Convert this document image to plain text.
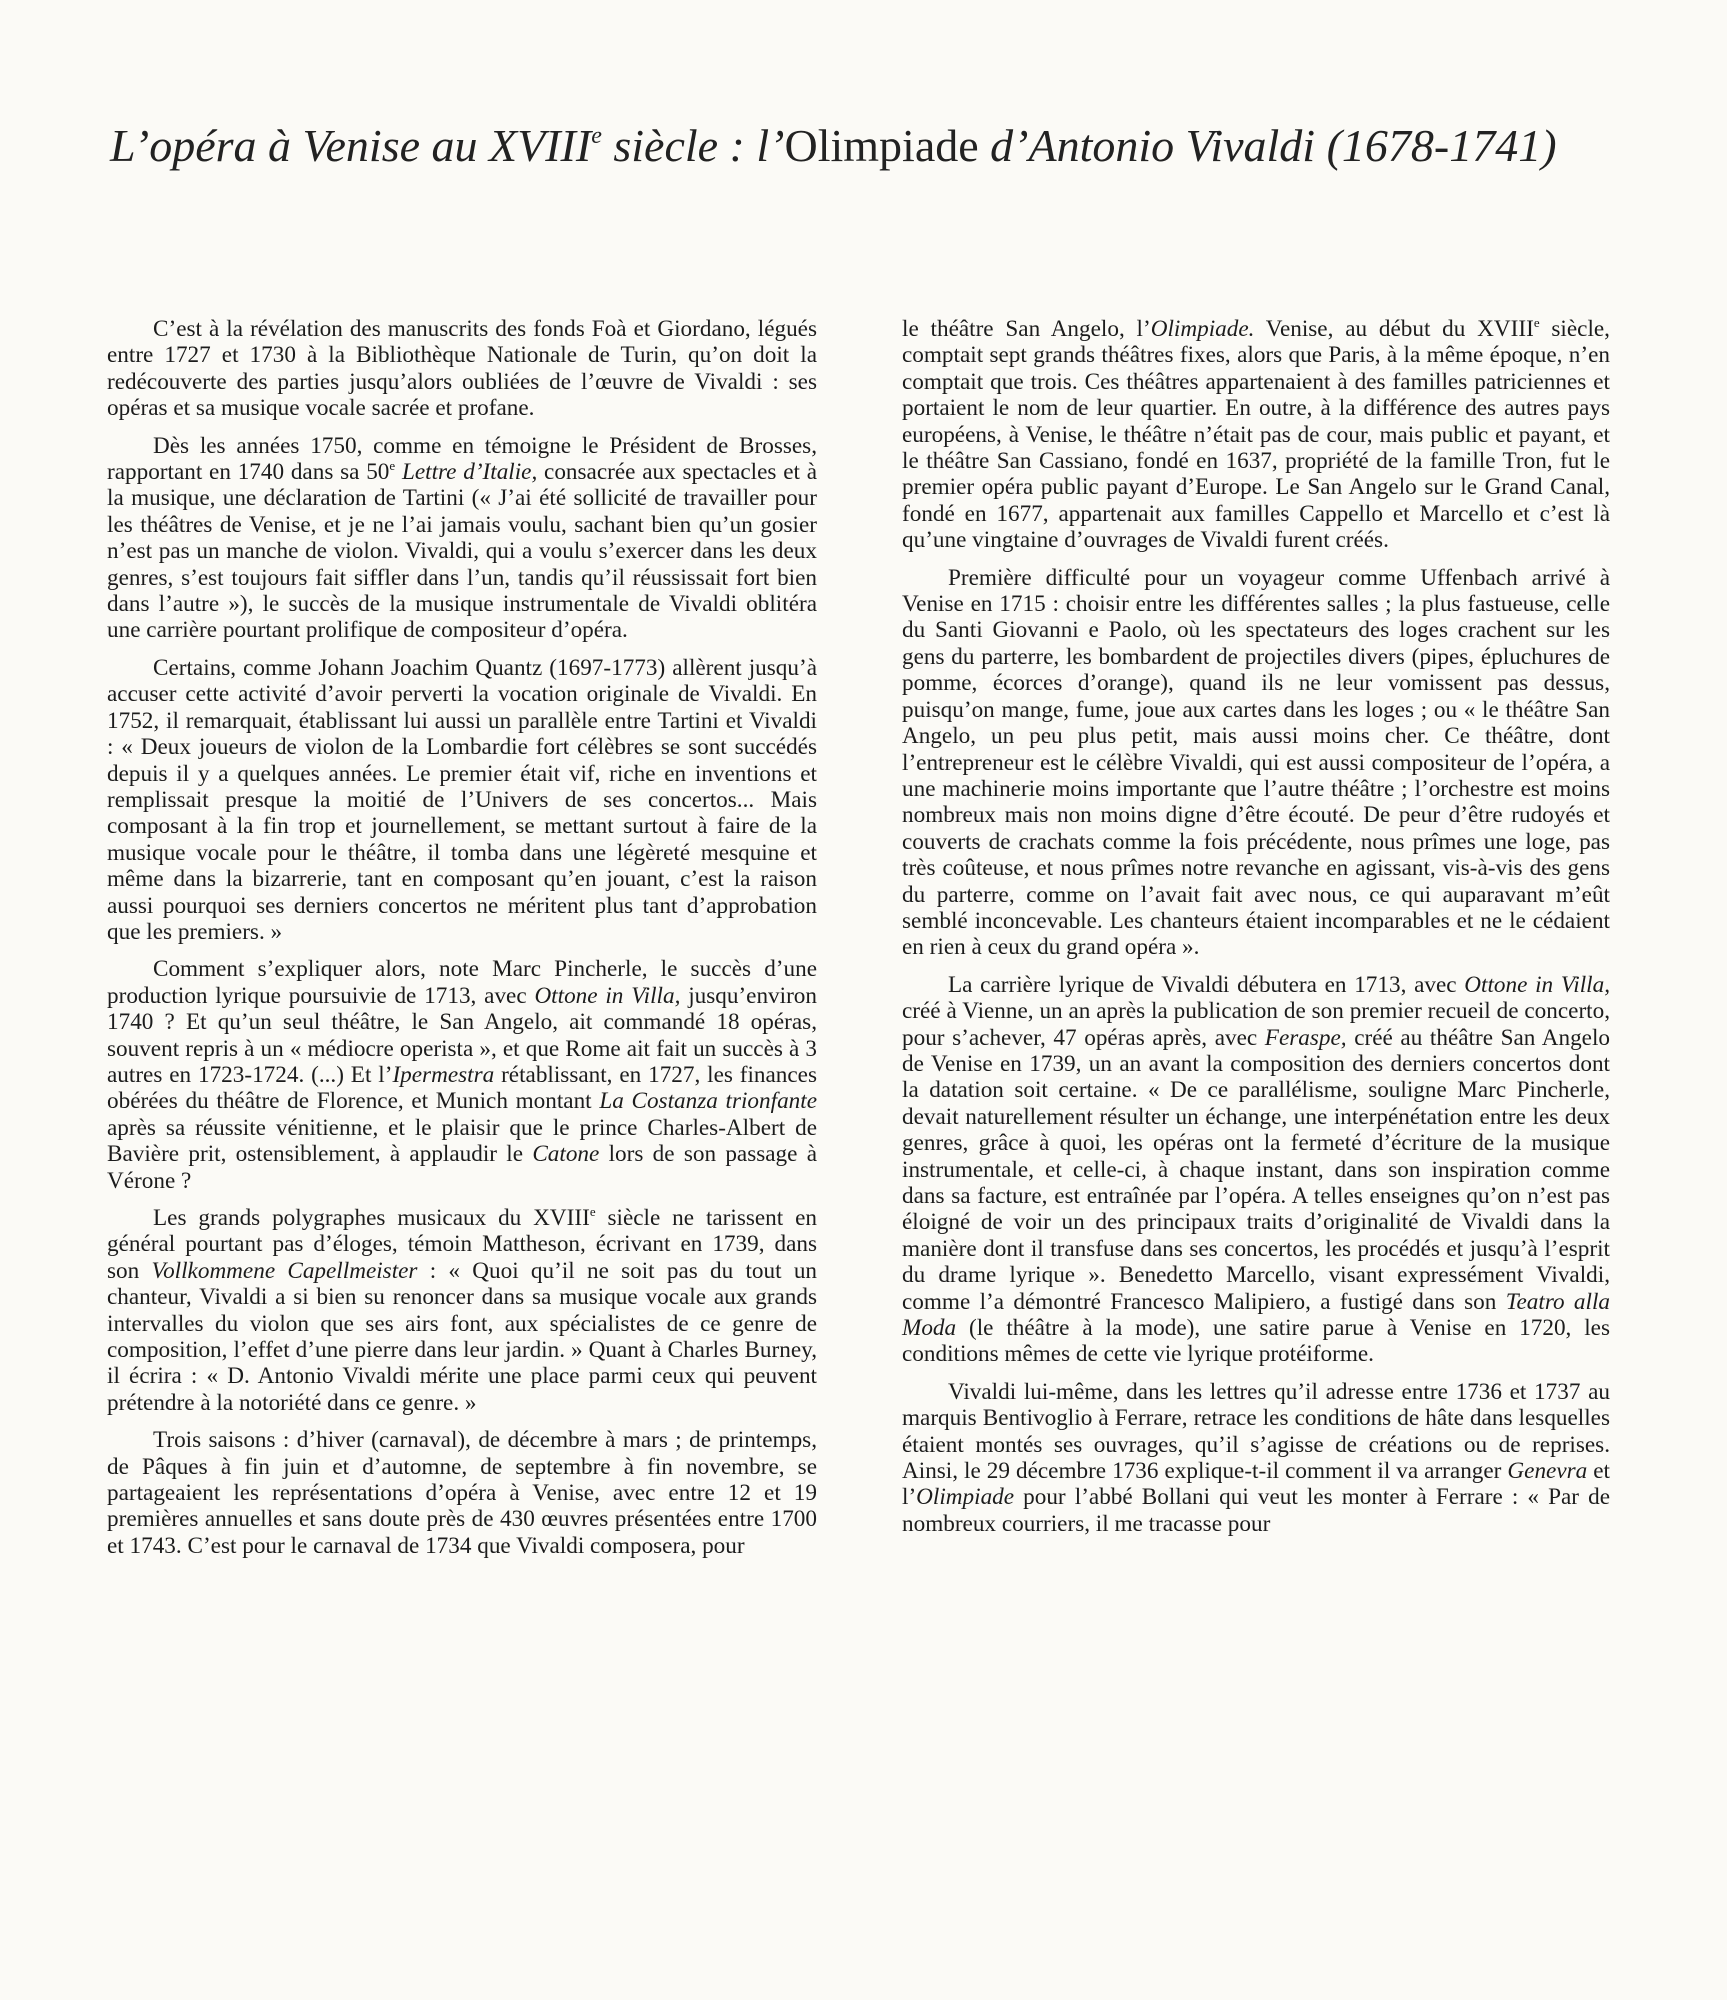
L’opéra à Venise au XVIIIe siècle : l’Olimpiade d’Antonio Vivaldi (1678-1741)

C’est à la révélation des manuscrits des fonds Foà et Giordano, légués entre 1727 et 1730 à la Bibliothèque Nationale de Turin, qu’on doit la redécouverte des parties jusqu’alors oubliées de l’œuvre de Vivaldi : ses opéras et sa musique vocale sacrée et profane.

Dès les années 1750, comme en témoigne le Président de Brosses, rapportant en 1740 dans sa 50e Lettre d’Italie, consacrée aux spectacles et à la musique, une déclaration de Tartini (« J’ai été sollicité de travailler pour les théâtres de Venise, et je ne l’ai jamais voulu, sachant bien qu’un gosier n’est pas un manche de violon. Vivaldi, qui a voulu s’exercer dans les deux genres, s’est toujours fait siffler dans l’un, tandis qu’il réussissait fort bien dans l’autre »), le succès de la musique instrumentale de Vivaldi oblitéra une carrière pourtant prolifique de compositeur d’opéra.

Certains, comme Johann Joachim Quantz (1697-1773) allèrent jusqu’à accuser cette activité d’avoir perverti la vocation originale de Vivaldi. En 1752, il remarquait, établissant lui aussi un parallèle entre Tartini et Vivaldi : « Deux joueurs de violon de la Lombardie fort célèbres se sont succédés depuis il y a quelques années. Le premier était vif, riche en inventions et remplissait presque la moitié de l’Univers de ses concertos... Mais composant à la fin trop et journellement, se mettant surtout à faire de la musique vocale pour le théâtre, il tomba dans une légèreté mesquine et même dans la bizarrerie, tant en composant qu’en jouant, c’est la raison aussi pourquoi ses derniers concertos ne méritent plus tant d’approbation que les premiers. »

Comment s’expliquer alors, note Marc Pincherle, le succès d’une production lyrique poursuivie de 1713, avec Ottone in Villa, jusqu’environ 1740 ? Et qu’un seul théâtre, le San Angelo, ait commandé 18 opéras, souvent repris à un « médiocre operista », et que Rome ait fait un succès à 3 autres en 1723-1724. (...) Et l’Ipermestra rétablissant, en 1727, les finances obérées du théâtre de Florence, et Munich montant La Costanza trionfante après sa réussite vénitienne, et le plaisir que le prince Charles-Albert de Bavière prit, ostensiblement, à applaudir le Catone lors de son passage à Vérone ?

Les grands polygraphes musicaux du XVIIIe siècle ne tarissent en général pourtant pas d’éloges, témoin Mattheson, écrivant en 1739, dans son Vollkommene Capellmeister : « Quoi qu’il ne soit pas du tout un chanteur, Vivaldi a si bien su renoncer dans sa musique vocale aux grands intervalles du violon que ses airs font, aux spécialistes de ce genre de composition, l’effet d’une pierre dans leur jardin. » Quant à Charles Burney, il écrira : « D. Antonio Vivaldi mérite une place parmi ceux qui peuvent prétendre à la notoriété dans ce genre. »

Trois saisons : d’hiver (carnaval), de décembre à mars ; de printemps, de Pâques à fin juin et d’automne, de septembre à fin novembre, se partageaient les représentations d’opéra à Venise, avec entre 12 et 19 premières annuelles et sans doute près de 430 œuvres présentées entre 1700 et 1743. C’est pour le carnaval de 1734 que Vivaldi composera, pour

le théâtre San Angelo, l’Olimpiade. Venise, au début du XVIIIe siècle, comptait sept grands théâtres fixes, alors que Paris, à la même époque, n’en comptait que trois. Ces théâtres appartenaient à des familles patriciennes et portaient le nom de leur quartier. En outre, à la différence des autres pays européens, à Venise, le théâtre n’était pas de cour, mais public et payant, et le théâtre San Cassiano, fondé en 1637, propriété de la famille Tron, fut le premier opéra public payant d’Europe. Le San Angelo sur le Grand Canal, fondé en 1677, appartenait aux familles Cappello et Marcello et c’est là qu’une vingtaine d’ouvrages de Vivaldi furent créés.

Première difficulté pour un voyageur comme Uffenbach arrivé à Venise en 1715 : choisir entre les différentes salles ; la plus fastueuse, celle du Santi Giovanni e Paolo, où les spectateurs des loges crachent sur les gens du parterre, les bombardent de projectiles divers (pipes, épluchures de pomme, écorces d’orange), quand ils ne leur vomissent pas dessus, puisqu’on mange, fume, joue aux cartes dans les loges ; ou « le théâtre San Angelo, un peu plus petit, mais aussi moins cher. Ce théâtre, dont l’entrepreneur est le célèbre Vivaldi, qui est aussi compositeur de l’opéra, a une machinerie moins importante que l’autre théâtre ; l’orchestre est moins nombreux mais non moins digne d’être écouté. De peur d’être rudoyés et couverts de crachats comme la fois précédente, nous prîmes une loge, pas très coûteuse, et nous prîmes notre revanche en agissant, vis-à-vis des gens du parterre, comme on l’avait fait avec nous, ce qui auparavant m’eût semblé inconcevable. Les chanteurs étaient incomparables et ne le cédaient en rien à ceux du grand opéra ».

La carrière lyrique de Vivaldi débutera en 1713, avec Ottone in Villa, créé à Vienne, un an après la publication de son premier recueil de concerto, pour s’achever, 47 opéras après, avec Feraspe, créé au théâtre San Angelo de Venise en 1739, un an avant la composition des derniers concertos dont la datation soit certaine. « De ce parallélisme, souligne Marc Pincherle, devait naturellement résulter un échange, une interpénétation entre les deux genres, grâce à quoi, les opéras ont la fermeté d’écriture de la musique instrumentale, et celle-ci, à chaque instant, dans son inspiration comme dans sa facture, est entraînée par l’opéra. A telles enseignes qu’on n’est pas éloigné de voir un des principaux traits d’originalité de Vivaldi dans la manière dont il transfuse dans ses concertos, les procédés et jusqu’à l’esprit du drame lyrique ». Benedetto Marcello, visant expressément Vivaldi, comme l’a démontré Francesco Malipiero, a fustigé dans son Teatro alla Moda (le théâtre à la mode), une satire parue à Venise en 1720, les conditions mêmes de cette vie lyrique protéiforme.

Vivaldi lui-même, dans les lettres qu’il adresse entre 1736 et 1737 au marquis Bentivoglio à Ferrare, retrace les conditions de hâte dans lesquelles étaient montés ses ouvrages, qu’il s’agisse de créations ou de reprises. Ainsi, le 29 décembre 1736 explique-t-il comment il va arranger Genevra et l’Olimpiade pour l’abbé Bollani qui veut les monter à Ferrare : « Par de nombreux courriers, il me tracasse pour
